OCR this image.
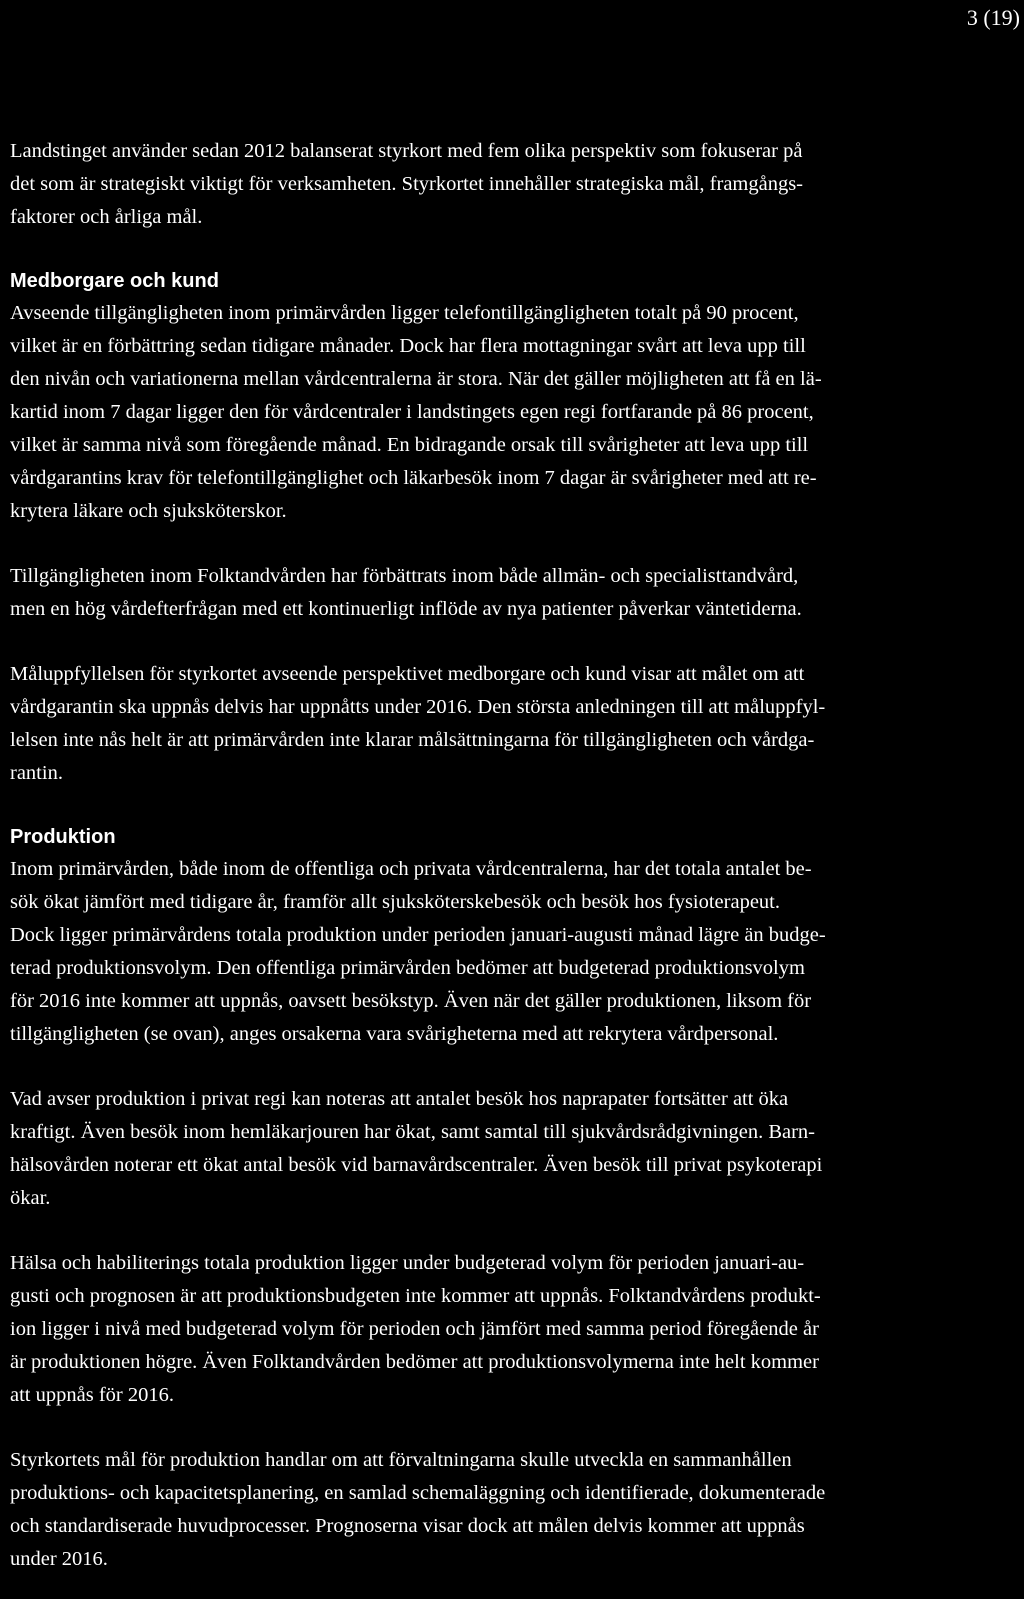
3 (19)

Landstinget använder sedan 2012 balanserat styrkort med fem olika perspektiv som fokuserar på
det som är strategiskt viktigt för verksamheten. Styrkortet innehåller strategiska mål, framgångs-
faktorer och årliga mål.

Medborgare och kund

Avseende tillgängligheten inom primärvården ligger telefontillgängligheten totalt på 90 procent,
vilket är en förbättring sedan tidigare månader. Dock har flera mottagningar svårt att leva upp till
den nivån och variationerna mellan vårdcentralerna är stora. När det gäller möjligheten att få en lä-
kartid inom 7 dagar ligger den för vårdcentraler i landstingets egen regi fortfarande på 86 procent,
vilket är samma nivå som föregående månad. En bidragande orsak till svårigheter att leva upp till
vårdgarantins krav för telefontillgänglighet och läkarbesök inom 7 dagar är svårigheter med att re-
krytera läkare och sjuksköterskor.

Tillgängligheten inom Folktandvården har förbättrats inom både allmän- och specialisttandvård,
men en hög vårdefterfrågan med ett kontinuerligt inflöde av nya patienter påverkar väntetiderna.

Måluppfyllelsen för styrkortet avseende perspektivet medborgare och kund visar att målet om att
vårdgarantin ska uppnås delvis har uppnåtts under 2016. Den största anledningen till att måluppfyl-
lelsen inte nås helt är att primärvården inte klarar målsättningarna för tillgängligheten och vårdga-
rantin.

Produktion

Inom primärvården, både inom de offentliga och privata vårdcentralerna, har det totala antalet be-
sök ökat jämfört med tidigare år, framför allt sjuksköterskebesök och besök hos fysioterapeut.
Dock ligger primärvårdens totala produktion under perioden januari-augusti månad lägre än budge-
terad produktionsvolym. Den offentliga primärvården bedömer att budgeterad produktionsvolym
för 2016 inte kommer att uppnås, oavsett besökstyp. Även när det gäller produktionen, liksom för
tillgängligheten (se ovan), anges orsakerna vara svårigheterna med att rekrytera vårdpersonal.

Vad avser produktion i privat regi kan noteras att antalet besök hos naprapater fortsätter att öka
kraftigt. Även besök inom hemläkarjouren har ökat, samt samtal till sjukvårdsrådgivningen. Barn-
hälsovården noterar ett ökat antal besök vid barnavårdscentraler. Även besök till privat psykoterapi
ökar.

Hälsa och habiliterings totala produktion ligger under budgeterad volym för perioden januari-au-
gusti och prognosen är att produktionsbudgeten inte kommer att uppnås. Folktandvårdens produkt-
ion ligger i nivå med budgeterad volym för perioden och jämfört med samma period föregående år
är produktionen högre. Även Folktandvården bedömer att produktionsvolymerna inte helt kommer
att uppnås för 2016.

Styrkortets mål för produktion handlar om att förvaltningarna skulle utveckla en sammanhållen
produktions- och kapacitetsplanering, en samlad schemaläggning och identifierade, dokumenterade
och standardiserade huvudprocesser. Prognoserna visar dock att målen delvis kommer att uppnås
under 2016.
